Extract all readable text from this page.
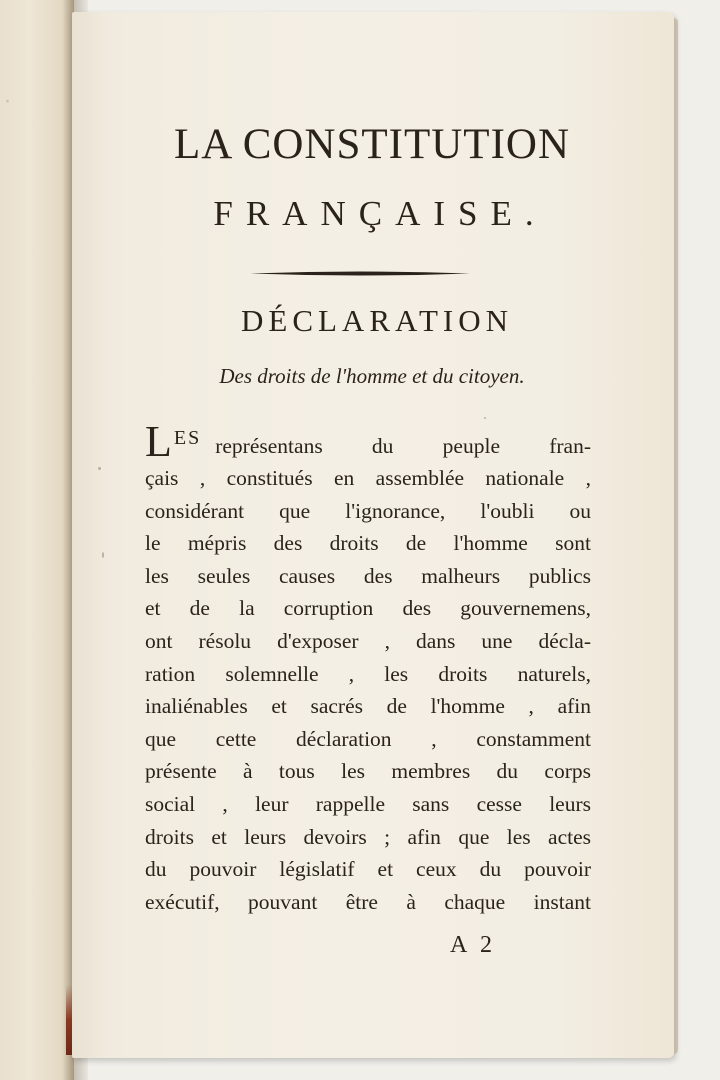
·
LA CONSTITUTION
FRANÇAISE.
DÉCLARATION
Des droits de l'homme et du citoyen.
L ES représentans du peuple fran-
çais , constitués en assemblée nationale ,
considérant que l'ignorance, l'oubli ou
le mépris des droits de l'homme sont
les seules causes des malheurs publics
et de la corruption des gouvernemens,
ont résolu d'exposer , dans une décla-
ration solemnelle , les droits naturels,
inaliénables et sacrés de l'homme , afin
que cette déclaration , constamment
présente à tous les membres du corps
social , leur rappelle sans cesse leurs
droits et leurs devoirs ; afin que les actes
du pouvoir législatif et ceux du pouvoir
exécutif, pouvant être à chaque instant
A 2
